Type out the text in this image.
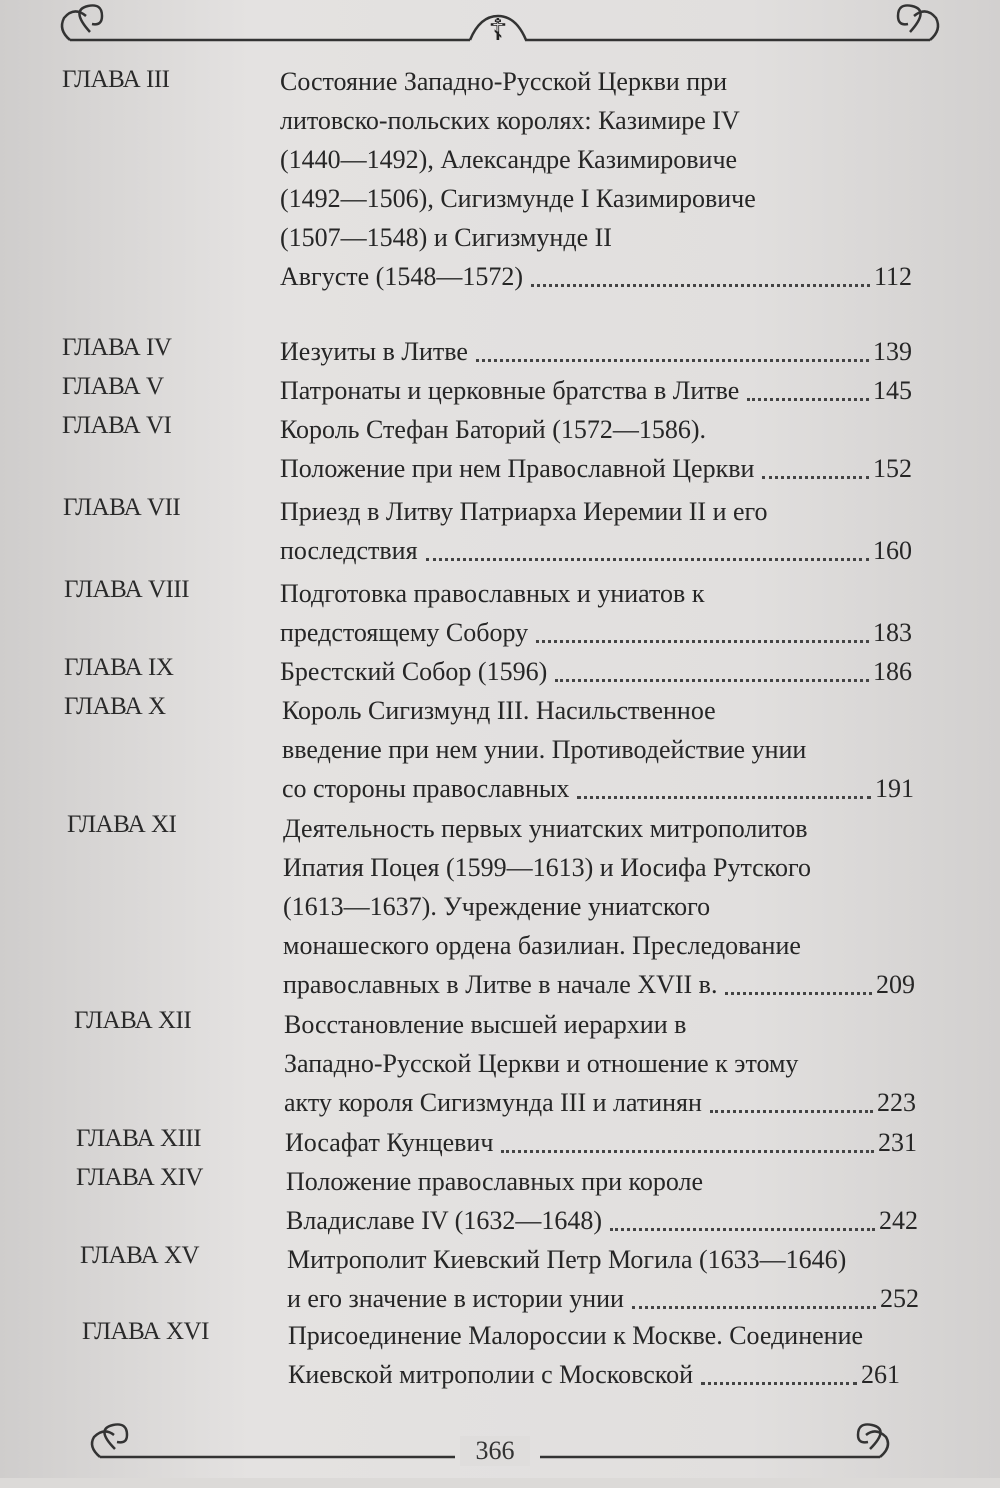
☦
ГЛАВА III	Состояние Западно-Русской Церкви при
литовско-польских королях: Казимире IV
(1440—1492), Александре Казимировиче
(1492—1506), Сигизмунде I Казимировиче
(1507—1548) и Сигизмунде II
Августе (1548—1572)	112
ГЛАВА IV	Иезуиты в Литве	139
ГЛАВА V	Патронаты и церковные братства в Литве	145
ГЛАВА VI	Король Стефан Баторий (1572—1586).
Положение при нем Православной Церкви	152
ГЛАВА VII	Приезд в Литву Патриарха Иеремии II и его
последствия	160
ГЛАВА VIII	Подготовка православных и униатов к
предстоящему Собору	183
ГЛАВА IX	Брестский Собор (1596)	186
ГЛАВА X	Король Сигизмунд III. Насильственное
введение при нем унии. Противодействие унии
со стороны православных	191
ГЛАВА XI	Деятельность первых униатских митрополитов
Ипатия Поцея (1599—1613) и Иосифа Рутского
(1613—1637). Учреждение униатского
монашеского ордена базилиан. Преследование
православных в Литве в начале XVII в.	209
ГЛАВА XII	Восстановление высшей иерархии в
Западно-Русской Церкви и отношение к этому
акту короля Сигизмунда III и латинян	223
ГЛАВА XIII	Иосафат Кунцевич	231
ГЛАВА XIV	Положение православных при короле
Владиславе IV (1632—1648)	242
ГЛАВА XV	Митрополит Киевский Петр Могила (1633—1646)
и его значение в истории унии	252
ГЛАВА XVI	Присоединение Малороссии к Москве. Соединение
Киевской митрополии с Московской	261
366
